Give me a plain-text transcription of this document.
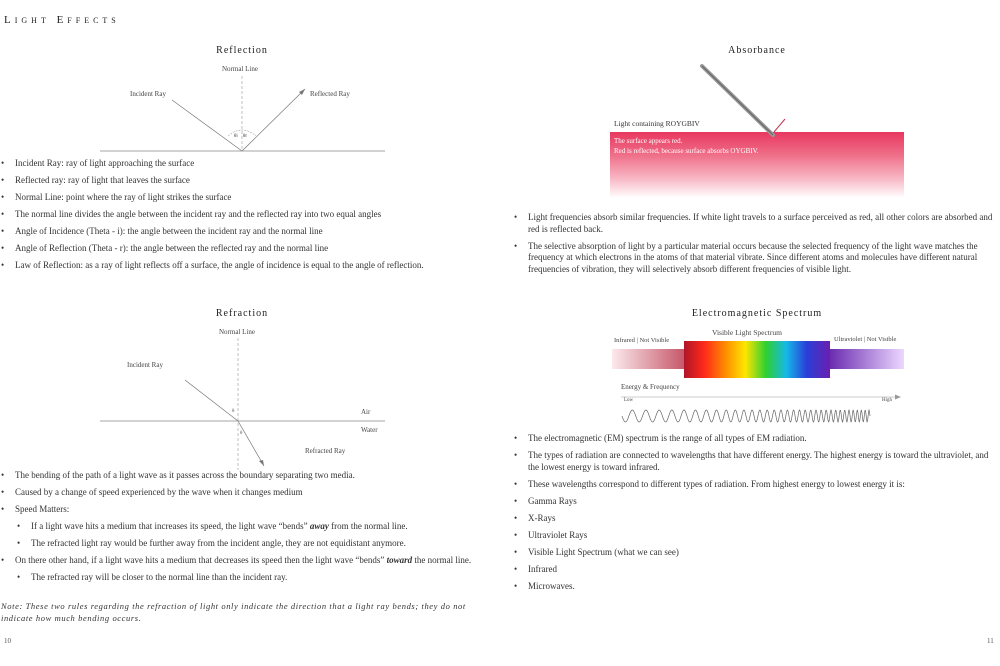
Light Effects
Reflection
Normal Line
Incident Ray	Reflected Ray
θi θr
• Incident Ray: ray of light approaching the surface
• Reflected ray: ray of light that leaves the surface
• Normal Line: point where the ray of light strikes the surface
• The normal line divides the angle between the incident ray and the reflected ray into two equal angles
• Angle of Incidence (Theta - i): the angle between the incident ray and the normal line
• Angle of Reflection (Theta - r): the angle between the reflected ray and the normal line
• Law of Reflection: as a ray of light reflects off a surface, the angle of incidence is equal to the angle of reflection.
Refraction
θ
θ
Normal Line
Incident Ray
Air
Water
Refracted Ray
• The bending of the path of a light wave as it passes across the boundary separating two media.
• Caused by a change of speed experienced by the wave when it changes medium
• Speed Matters:
• If a light wave hits a medium that increases its speed, the light wave “bends” away from the normal line.
• The refracted light ray would be further away from the incident angle, they are not equidistant anymore.
• On there other hand, if a light wave hits a medium that decreases its speed then the light wave “bends” toward the normal line.
• The refracted ray will be closer to the normal line than the incident ray.
Note: These two rules regarding the refraction of light only indicate the direction that a light ray bends; they do not indicate how much bending occurs.
Absorbance
Light containing ROYGBIV
The surface appears red.
Red is reflected, because surface absorbs OYGBIV.
• Light frequencies absorb similar frequencies. If white light travels to a surface perceived as red, all other colors are absorbed and red is reflected back.
• The selective absorption of light by a particular material occurs because the selected frequency of the light wave matches the frequency at which electrons in the atoms of that material vibrate. Since different atoms and molecules have different natural frequencies of vibration, they will selectively absorb different frequencies of visible light.
Electromagnetic Spectrum
Visible Light Spectrum
Infrared | Not Visible	Ultraviolet | Not Visible
Energy & Frequency
Low	High
• The electromagnetic (EM) spectrum is the range of all types of EM radiation.
• The types of radiation are connected to wavelengths that have different energy. The highest energy is toward the ultraviolet, and the lowest energy is toward infrared.
• These wavelengths correspond to different types of radiation. From highest energy to lowest energy it is:
• Gamma Rays
• X-Rays
• Ultraviolet Rays
• Visible Light Spectrum (what we can see)
• Infrared
• Microwaves.
10	11
